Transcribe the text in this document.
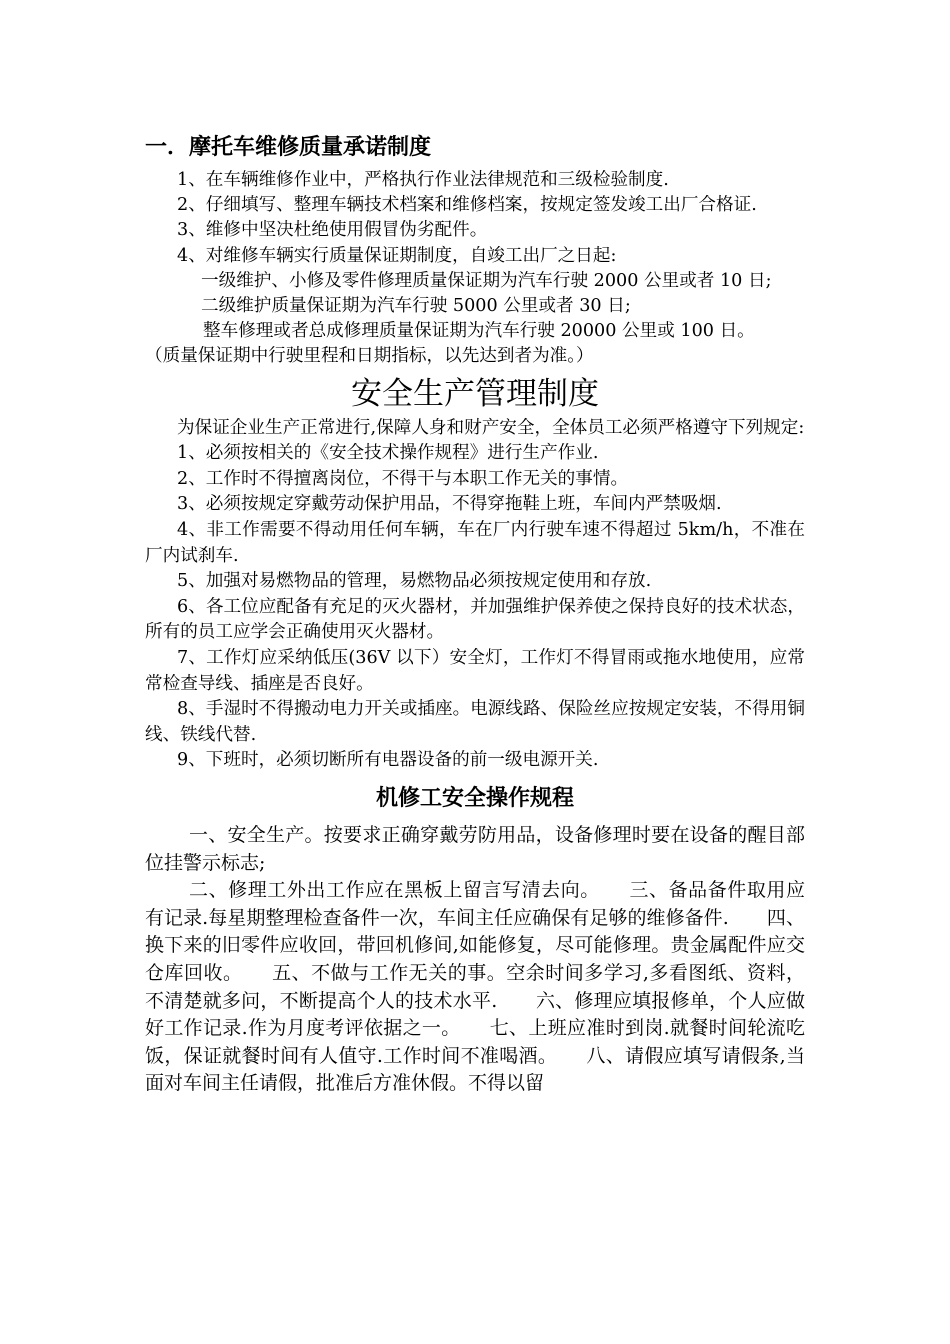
一．摩托车维修质量承诺制度

1、在车辆维修作业中，严格执行作业法律规范和三级检验制度.

2、仔细填写、整理车辆技术档案和维修档案，按规定签发竣工出厂合格证.

3、维修中坚决杜绝使用假冒伪劣配件。

4、对维修车辆实行质量保证期制度，自竣工出厂之日起:

一级维护、小修及零件修理质量保证期为汽车行驶 2000 公里或者 10 日;

二级维护质量保证期为汽车行驶 5000 公里或者 30 日;

整车修理或者总成修理质量保证期为汽车行驶 20000 公里或 100 日。

（质量保证期中行驶里程和日期指标，以先达到者为准。）

安全生产管理制度

为保证企业生产正常进行,保障人身和财产安全，全体员工必须严格遵守下列规定:

1、必须按相关的《安全技术操作规程》进行生产作业.

2、工作时不得擅离岗位，不得干与本职工作无关的事情。

3、必须按规定穿戴劳动保护用品，不得穿拖鞋上班，车间内严禁吸烟.

4、非工作需要不得动用任何车辆，车在厂内行驶车速不得超过 5km/h，不准在厂内试刹车.

5、加强对易燃物品的管理，易燃物品必须按规定使用和存放.

6、各工位应配备有充足的灭火器材，并加强维护保养使之保持良好的技术状态，所有的员工应学会正确使用灭火器材。

7、工作灯应采纳低压(36V 以下）安全灯，工作灯不得冒雨或拖水地使用，应常常检查导线、插座是否良好。

8、手湿时不得搬动电力开关或插座。电源线路、保险丝应按规定安装，不得用铜线、铁线代替.

9、下班时，必须切断所有电器设备的前一级电源开关.

机修工安全操作规程

一、安全生产。按要求正确穿戴劳防用品，设备修理时要在设备的醒目部位挂警示标志;

二、修理工外出工作应在黑板上留言写清去向。　　三、备品备件取用应有记录.每星期整理检查备件一次，车间主任应确保有足够的维修备件.　　四、换下来的旧零件应收回，带回机修间,如能修复，尽可能修理。贵金属配件应交仓库回收。　　五、不做与工作无关的事。空余时间多学习,多看图纸、资料，不清楚就多问，不断提高个人的技术水平.　　六、修理应填报修单，个人应做好工作记录.作为月度考评依据之一。　　七、上班应准时到岗.就餐时间轮流吃饭，保证就餐时间有人值守.工作时间不准喝酒。　　八、请假应填写请假条,当面对车间主任请假，批准后方准休假。不得以留
